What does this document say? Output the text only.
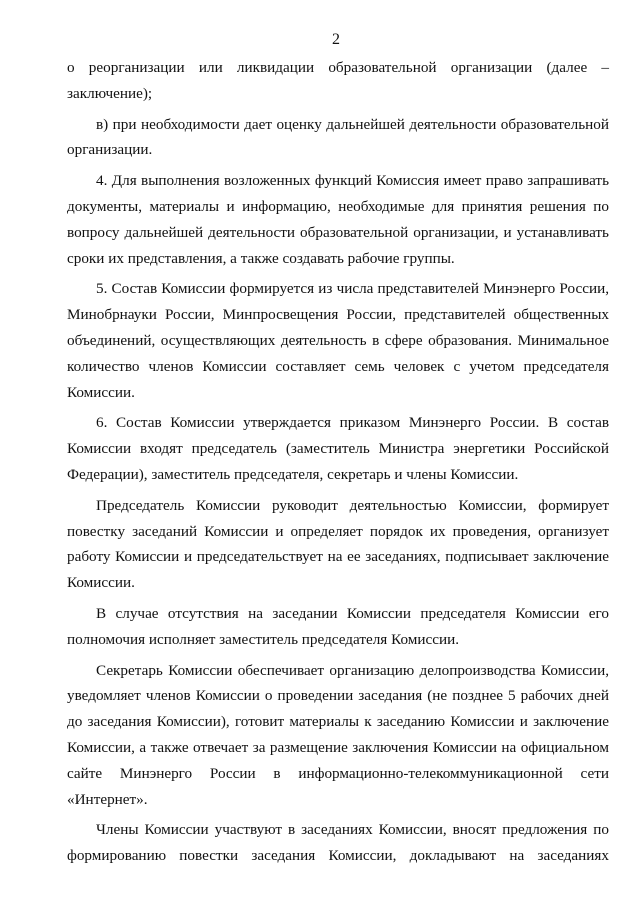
2
о реорганизации или ликвидации образовательной организации (далее –
заключение);

в) при необходимости дает оценку дальнейшей деятельности образовательной организации.

4. Для выполнения возложенных функций Комиссия имеет право запрашивать документы, материалы и информацию, необходимые для принятия решения по вопросу дальнейшей деятельности образовательной организации, и устанавливать сроки их представления, а также создавать рабочие группы.

5. Состав Комиссии формируется из числа представителей Минэнерго России, Минобрнауки России, Минпросвещения России, представителей общественных объединений, осуществляющих деятельность в сфере образования. Минимальное количество членов Комиссии составляет семь человек с учетом председателя Комиссии.

6. Состав Комиссии утверждается приказом Минэнерго России. В состав Комиссии входят председатель (заместитель Министра энергетики Российской Федерации), заместитель председателя, секретарь и члены Комиссии.

Председатель Комиссии руководит деятельностью Комиссии, формирует повестку заседаний Комиссии и определяет порядок их проведения, организует работу Комиссии и председательствует на ее заседаниях, подписывает заключение Комиссии.

В случае отсутствия на заседании Комиссии председателя Комиссии его полномочия исполняет заместитель председателя Комиссии.

Секретарь Комиссии обеспечивает организацию делопроизводства Комиссии, уведомляет членов Комиссии о проведении заседания (не позднее 5 рабочих дней до заседания Комиссии), готовит материалы к заседанию Комиссии и заключение Комиссии, а также отвечает за размещение заключения Комиссии на официальном сайте Минэнерго России в информационно-телекоммуникационной сети «Интернет».

Члены Комиссии участвуют в заседаниях Комиссии, вносят предложения по формированию повестки заседания Комиссии, докладывают на заседаниях
